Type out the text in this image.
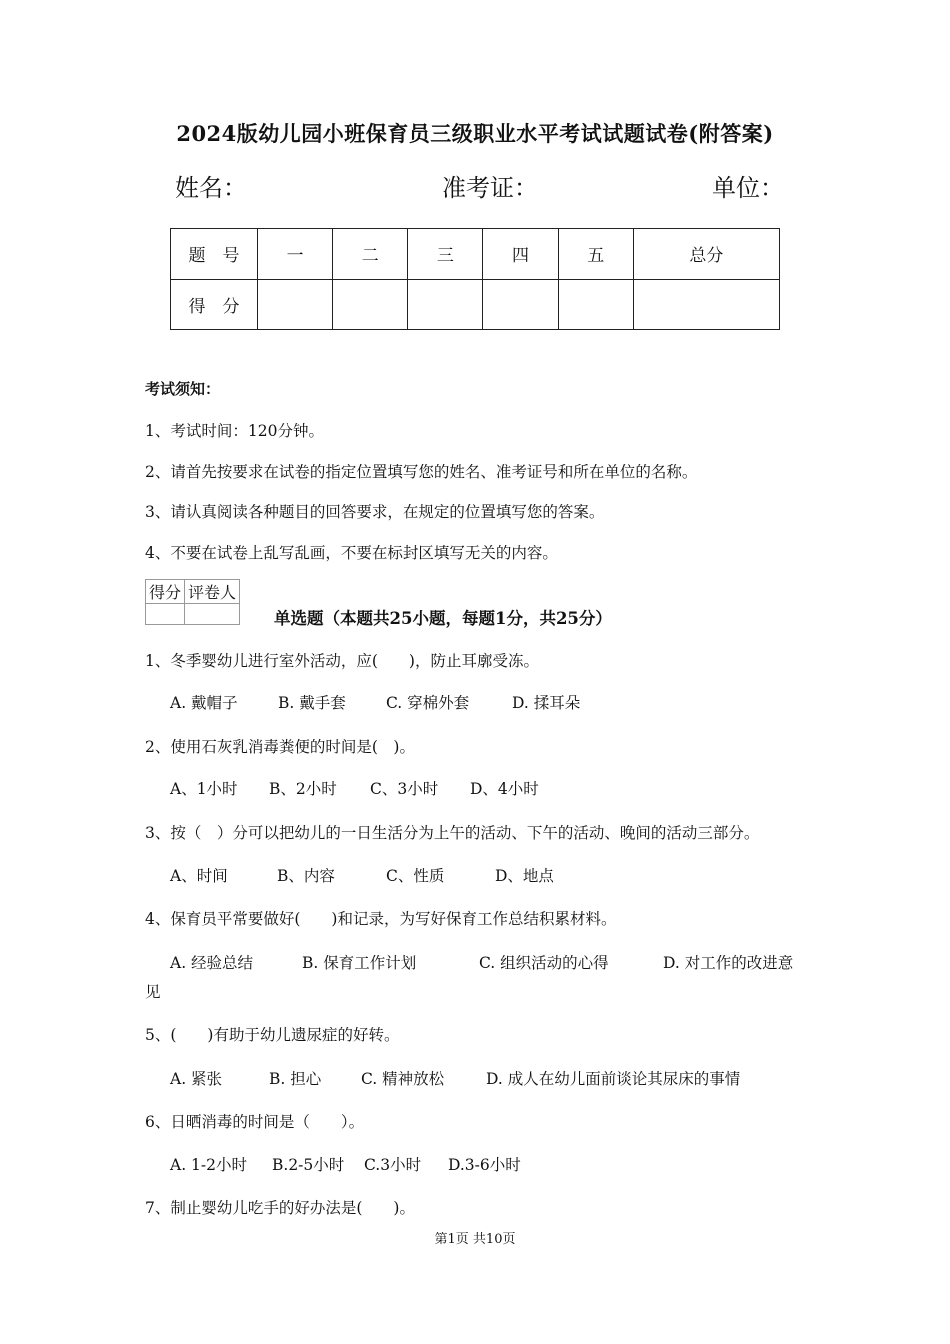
2024版幼儿园小班保育员三级职业水平考试试题试卷(附答案)
姓名：	准考证：	单位：
题　号	一	二	三	四	五	总分
得　分						
考试须知：
1、考试时间：120分钟。
2、请首先按要求在试卷的指定位置填写您的姓名、准考证号和所在单位的名称。
3、请认真阅读各种题目的回答要求，在规定的位置填写您的答案。
4、不要在试卷上乱写乱画，不要在标封区填写无关的内容。
得分	评卷人

单选题（本题共25小题，每题1分，共25分）
1、冬季婴幼儿进行室外活动，应(　　)，防止耳廓受冻。
A. 戴帽子	B. 戴手套	C. 穿棉外套	D. 揉耳朵
2、使用石灰乳消毒粪便的时间是(　)。
A、1小时 B、2小时 C、3小时 D、4小时
3、按（　）分可以把幼儿的一日生活分为上午的活动、下午的活动、晚间的活动三部分。
A、时间	B、内容	C、性质	D、地点
4、保育员平常要做好(　　)和记录，为写好保育工作总结积累材料。
A. 经验总结	B. 保育工作计划	C. 组织活动的心得	D. 对工作的改进意
见
5、(　　)有助于幼儿遗尿症的好转。
A. 紧张	B. 担心	C. 精神放松	D. 成人在幼儿面前谈论其尿床的事情
6、日晒消毒的时间是（　　）。
A. 1-2小时 B.2-5小时 C.3小时 D.3-6小时
7、制止婴幼儿吃手的好办法是(　　)。
第1页 共10页
